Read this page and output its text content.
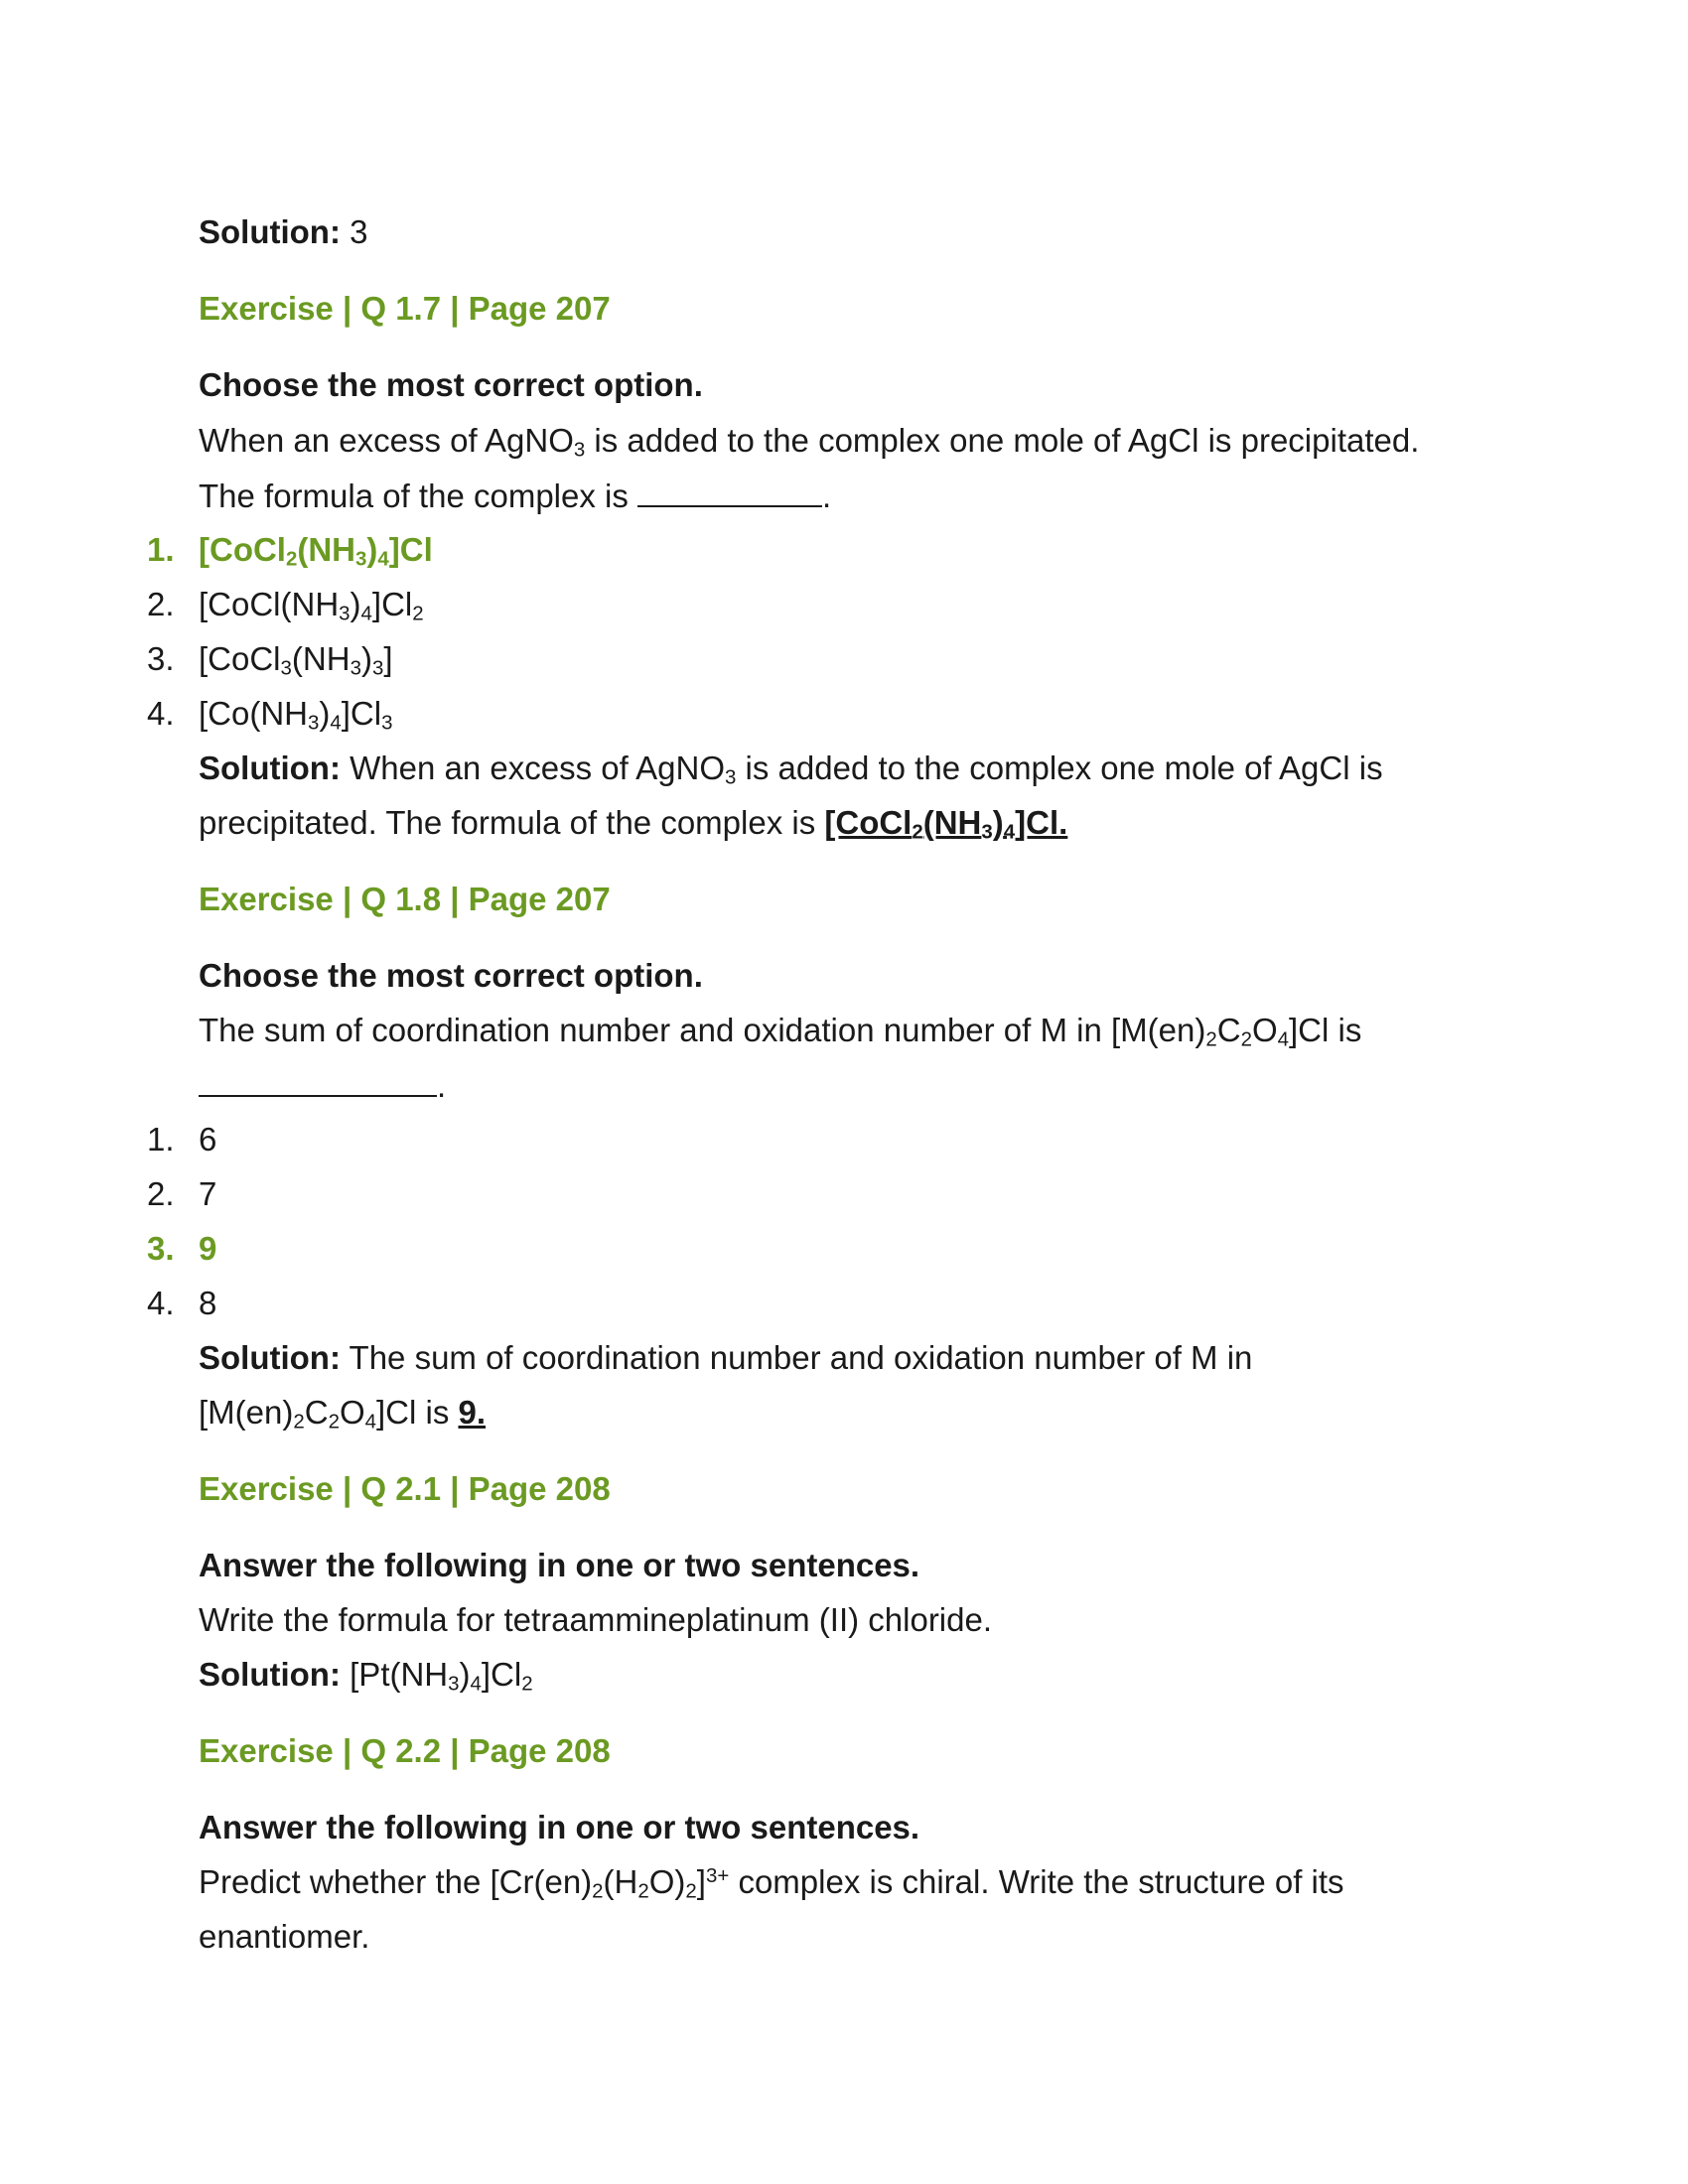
Solution: 3
Exercise | Q 1.7 | Page 207
Choose the most correct option.
When an excess of AgNO$_3$ is added to the complex one mole of AgCl is precipitated.
The formula of the complex is	.
1. $[CoCl_2(NH_3)_4]Cl$
2. $[CoCl(NH_3)_4]Cl_2$
3. $[CoCl_3(NH_3)_3]$
4. $[Co(NH_3)_4]Cl_3$
Solution: When an excess of AgNO$_3$ is added to the complex one mole of AgCl is
precipitated. The formula of the complex is $[CoCl_2(NH_3)_4]Cl$.
Exercise | Q 1.8 | Page 207
Choose the most correct option.
The sum of coordination number and oxidation number of M in $[M(en)_2C_2O_4]Cl$ is
.
1. 6
2. 7
3. 9
4. 8
Solution: The sum of coordination number and oxidation number of M in
$[M(en)_2C_2O_4]Cl$ is 9.
Exercise | Q 2.1 | Page 208
Answer the following in one or two sentences.
Write the formula for tetraammineplatinum (II) chloride.
Solution: $[Pt(NH_3)_4]Cl_2$
Exercise | Q 2.2 | Page 208
Answer the following in one or two sentences.
Predict whether the $[Cr(en)_2(H_2O)_2]^{3+}$ complex is chiral. Write the structure of its
enantiomer.
